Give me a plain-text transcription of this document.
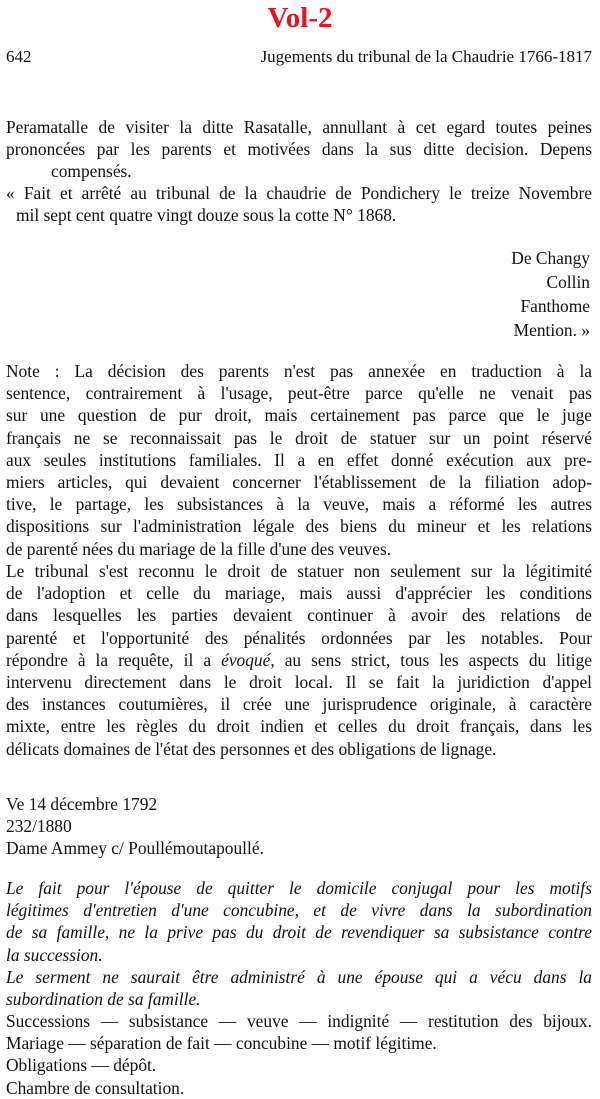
Vol-2
642	Jugements du tribunal de la Chaudrie 1766-1817
Peramatalle de visiter la ditte Rasatalle, annullant à cet egard toutes peines
prononcées par les parents et motivées dans la sus ditte decision. Depens
compensés.
« Fait et arrêté au tribunal de la chaudrie de Pondichery le treize Novembre
mil sept cent quatre vingt douze sous la cotte N° 1868.
De Changy
Collin
Fanthome
Mention. »
Note : La décision des parents n'est pas annexée en traduction à la
sentence, contrairement à l'usage, peut-être parce qu'elle ne venait pas
sur une question de pur droit, mais certainement pas parce que le juge
français ne se reconnaissait pas le droit de statuer sur un point réservé
aux seules institutions familiales. Il a en effet donné exécution aux pre-
miers articles, qui devaient concerner l'établissement de la filiation adop-
tive, le partage, les subsistances à la veuve, mais a réformé les autres
dispositions sur l'administration légale des biens du mineur et les relations
de parenté nées du mariage de la fille d'une des veuves.
Le tribunal s'est reconnu le droit de statuer non seulement sur la légitimité
de l'adoption et celle du mariage, mais aussi d'apprécier les conditions
dans lesquelles les parties devaient continuer à avoir des relations de
parenté et l'opportunité des pénalités ordonnées par les notables. Pour
répondre à la requête, il a évoqué, au sens strict, tous les aspects du litige
intervenu directement dans le droit local. Il se fait la juridiction d'appel
des instances coutumières, il crée une jurisprudence originale, à caractère
mixte, entre les règles du droit indien et celles du droit français, dans les
délicats domaines de l'état des personnes et des obligations de lignage.
Ve 14 décembre 1792
232/1880
Dame Ammey c/ Poullémoutapoullé.
Le fait pour l'épouse de quitter le domicile conjugal pour les motifs
légitimes d'entretien d'une concubine, et de vivre dans la subordination
de sa famille, ne la prive pas du droit de revendiquer sa subsistance contre
la succession.
Le serment ne saurait être administré à une épouse qui a vécu dans la
subordination de sa famille.
Successions — subsistance — veuve — indignité — restitution des bijoux.
Mariage — séparation de fait — concubine — motif légitime.
Obligations — dépôt.
Chambre de consultation.
